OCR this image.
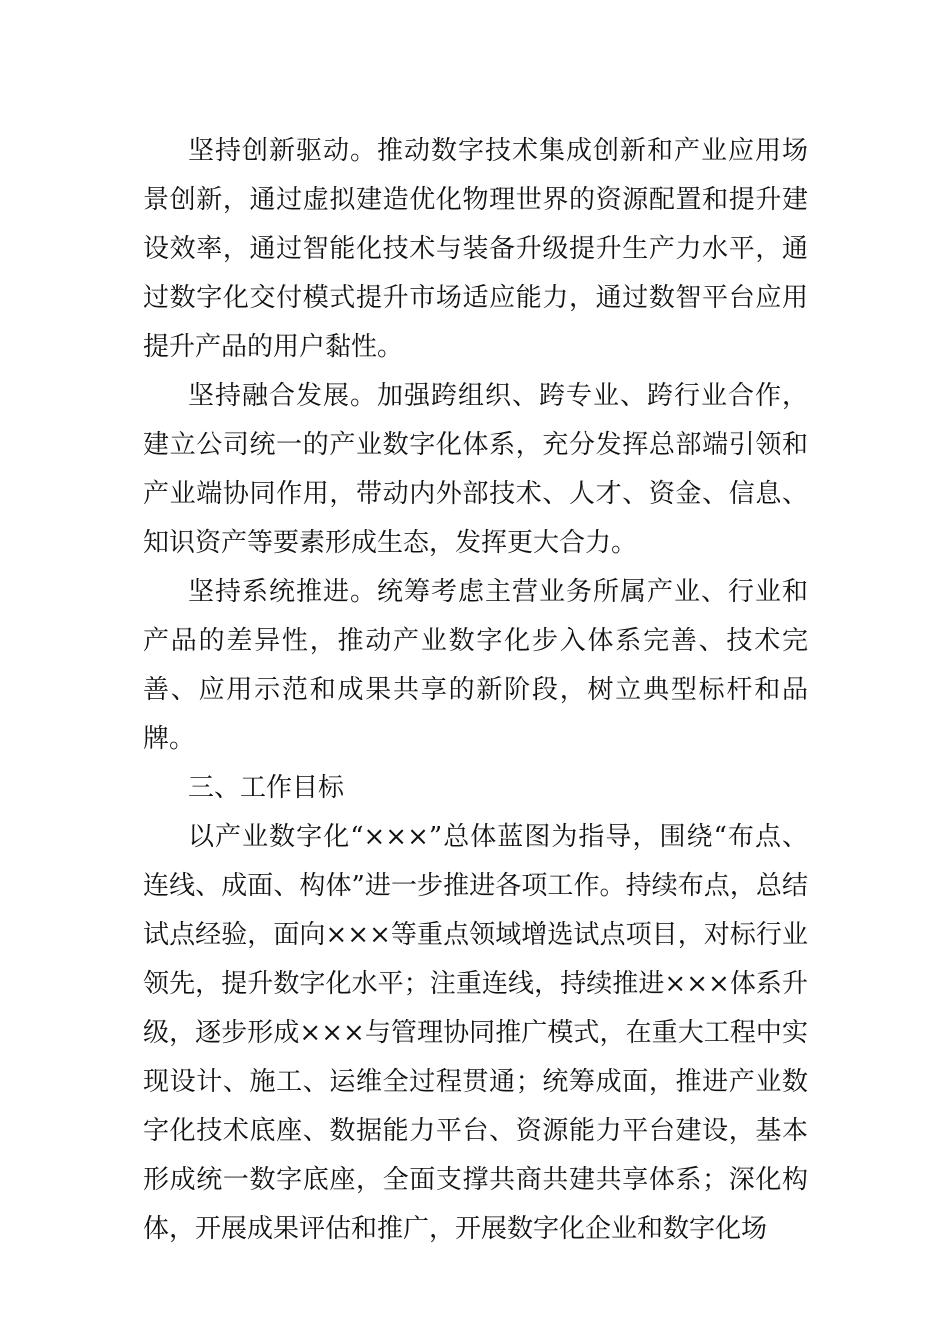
坚持创新驱动。推动数字技术集成创新和产业应用场景创新，通过虚拟建造优化物理世界的资源配置和提升建设效率，通过智能化技术与装备升级提升生产力水平，通过数字化交付模式提升市场适应能力，通过数智平台应用提升产品的用户黏性。

坚持融合发展。加强跨组织、跨专业、跨行业合作，建立公司统一的产业数字化体系，充分发挥总部端引领和产业端协同作用，带动内外部技术、人才、资金、信息、知识资产等要素形成生态，发挥更大合力。

坚持系统推进。统筹考虑主营业务所属产业、行业和产品的差异性，推动产业数字化步入体系完善、技术完善、应用示范和成果共享的新阶段，树立典型标杆和品牌。

三、工作目标

以产业数字化“×××”总体蓝图为指导，围绕“布点、连线、成面、构体”进一步推进各项工作。持续布点，总结试点经验，面向×××等重点领域增选试点项目，对标行业领先，提升数字化水平；注重连线，持续推进×××体系升级，逐步形成×××与管理协同推广模式，在重大工程中实现设计、施工、运维全过程贯通；统筹成面，推进产业数字化技术底座、数据能力平台、资源能力平台建设，基本形成统一数字底座，全面支撑共商共建共享体系；深化构体，开展成果评估和推广，开展数字化企业和数字化场
